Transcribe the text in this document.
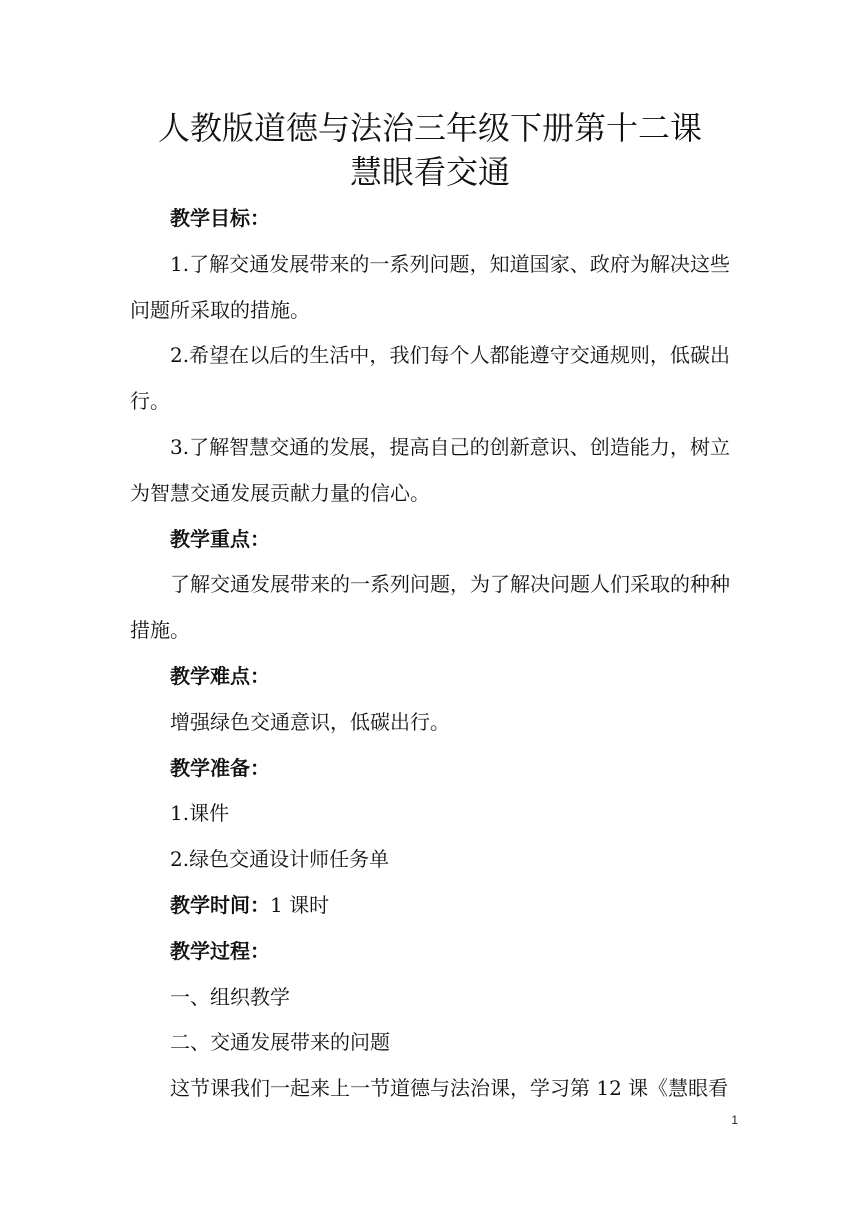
人教版道德与法治三年级下册第十二课
慧眼看交通

教学目标：

1.了解交通发展带来的一系列问题，知道国家、政府为解决这些问题所采取的措施。

2.希望在以后的生活中，我们每个人都能遵守交通规则，低碳出行。

3.了解智慧交通的发展，提高自己的创新意识、创造能力，树立为智慧交通发展贡献力量的信心。

教学重点：

了解交通发展带来的一系列问题，为了解决问题人们采取的种种措施。

教学难点：

增强绿色交通意识，低碳出行。

教学准备：

1.课件

2.绿色交通设计师任务单

教学时间：1 课时

教学过程：

一、组织教学

二、交通发展带来的问题

这节课我们一起来上一节道德与法治课，学习第 12 课《慧眼看

1
